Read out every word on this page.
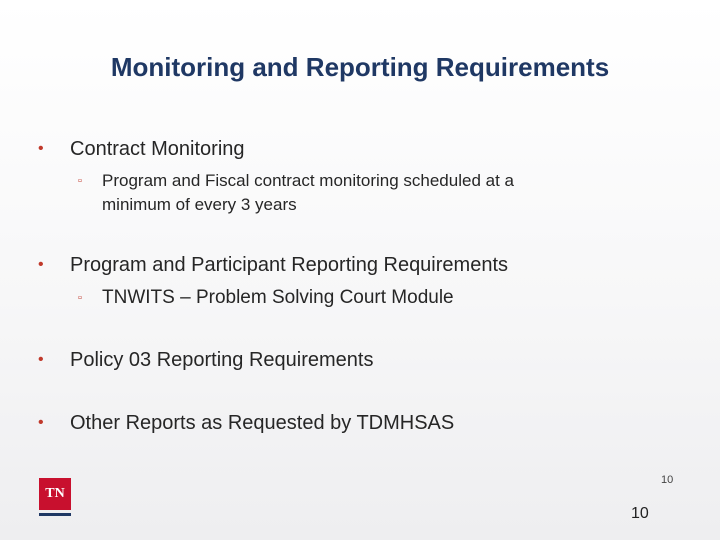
Monitoring and Reporting Requirements
• Contract Monitoring
▫	Program and Fiscal contract monitoring scheduled at a
minimum of every 3 years
• Program and Participant Reporting Requirements
▫	TNWITS – Problem Solving Court Module
• Policy 03 Reporting Requirements
• Other Reports as Requested by TDMHSAS
TN
10
10
